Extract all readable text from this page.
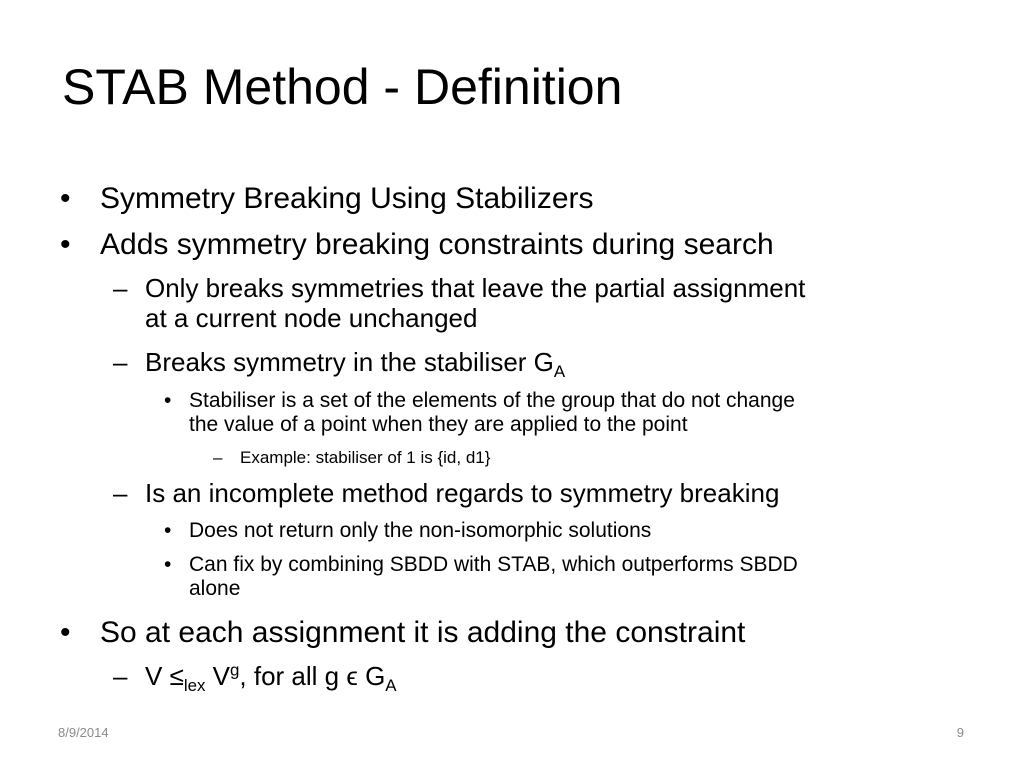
STAB Method - Definition
• Symmetry Breaking Using Stabilizers
• Adds symmetry breaking constraints during search
– Only breaks symmetries that leave the partial assignment
at a current node unchanged
– Breaks symmetry in the stabiliser $G_A$
• Stabiliser is a set of the elements of the group that do not change
the value of a point when they are applied to the point
– Example: stabiliser of 1 is {id, d1}
– Is an incomplete method regards to symmetry breaking
• Does not return only the non-isomorphic solutions
• Can fix by combining SBDD with STAB, which outperforms SBDD
alone
• So at each assignment it is adding the constraint
– $V \le_{lex}$ $V^g$, for all g ϵ $G_A$
8/9/2014	9
